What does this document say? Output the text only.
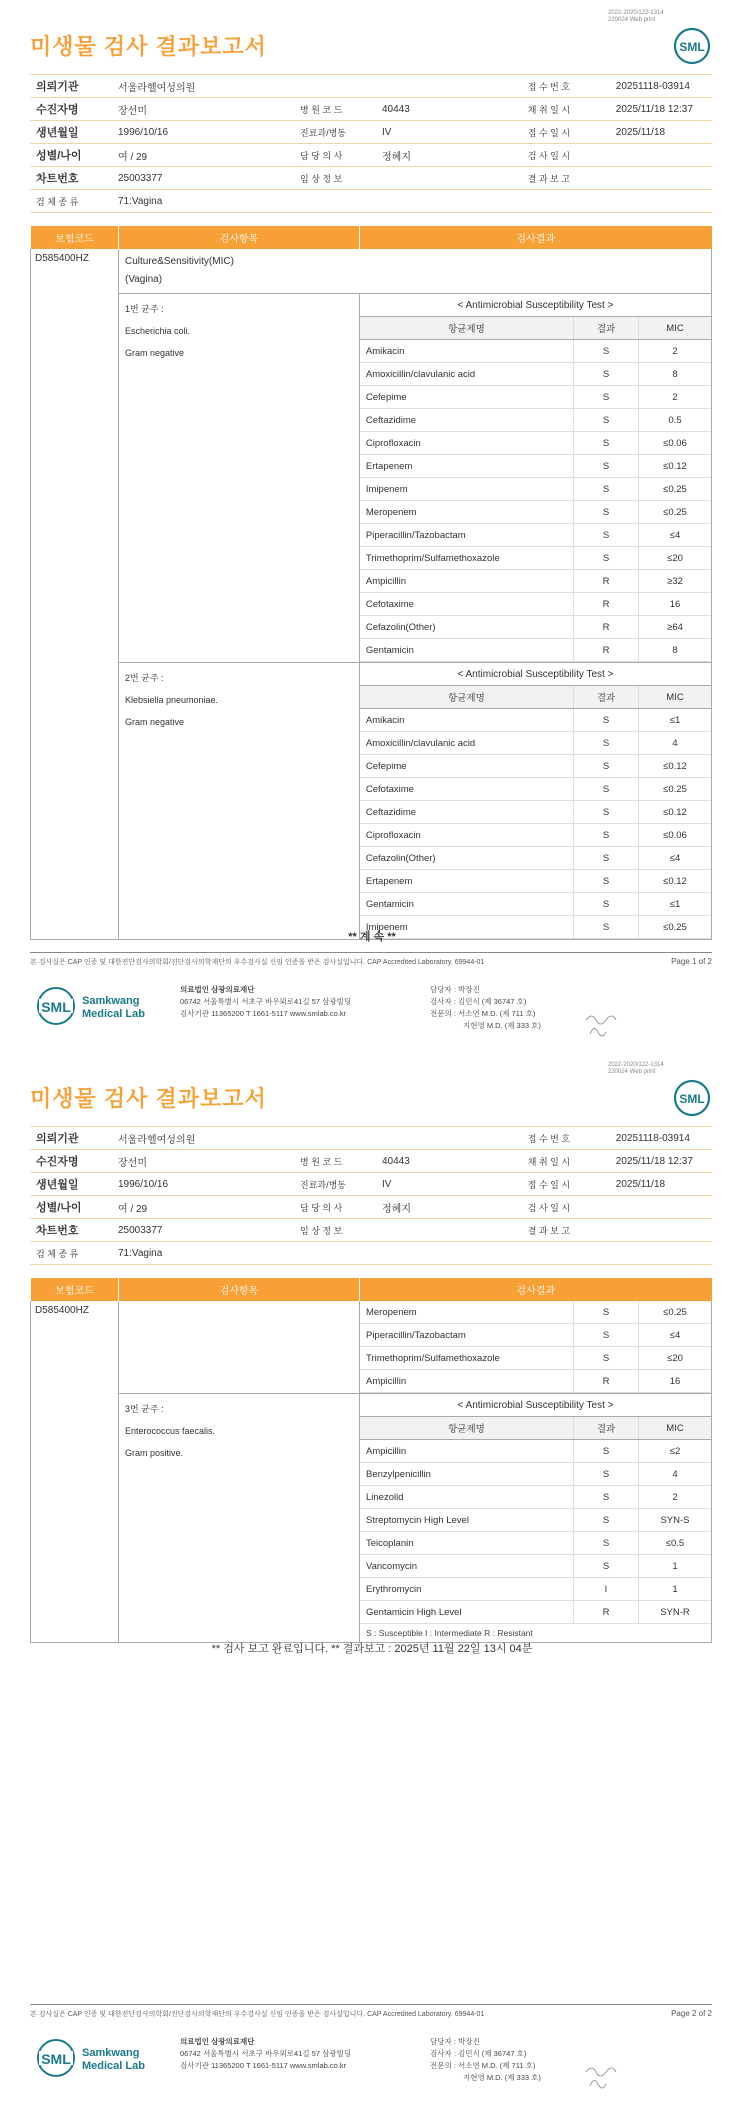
2022-2020/122-1314
220024 Web print
SML
미생물 검사 결과보고서
의뢰기관	서울라헬여성의원				접 수 번 호	20251118-03914
수진자명	장선미	병 원 코 드	40443		채 취 일 시	2025/11/18 12:37
생년월일	1996/10/16	진료과/병동	IV		접 수 일 시	2025/11/18
성별/나이	여 / 29	담 당 의 사	정혜지		검 사 일 시	
차트번호	25003377	임 상 정 보			결 과 보 고	
검 체 종 류	71:Vagina					
보험코드	검사항목	검사결과
D585400HZ	Culture&Sensitivity(MIC)
(Vagina)

1번 균주 :
Escherichia coli.
Gram negative

< Antimicrobial Susceptibility Test >
항균제명	결과	MIC
Amikacin	S	2
Amoxicillin/clavulanic acid	S	8
Cefepime	S	2
Ceftazidime	S	0.5
Ciprofloxacin	S	≤0.06
Ertapenem	S	≤0.12
Imipenem	S	≤0.25
Meropenem	S	≤0.25
Piperacillin/Tazobactam	S	≤4
Trimethoprim/Sulfamethoxazole	S	≤20
Ampicillin	R	≥32
Cefotaxime	R	16
Cefazolin(Other)	R	≥64
Gentamicin	R	8

2번 균주 :
Klebsiella pneumoniae.
Gram negative

< Antimicrobial Susceptibility Test >
항균제명	결과	MIC
Amikacin	S	≤1
Amoxicillin/clavulanic acid	S	4
Cefepime	S	≤0.12
Cefotaxime	S	≤0.25
Ceftazidime	S	≤0.12
Ciprofloxacin	S	≤0.06
Cefazolin(Other)	S	≤4
Ertapenem	S	≤0.12
Gentamicin	S	≤1
Imipenem	S	≤0.25
** 계 속 **
본 검사실은 CAP 인증 및 대한진단검사의학회/진단검사의학재단의 우수검사실 신임 인증을 받은 검사실입니다. CAP Accredited Laboratory. 69944-01	Page 1 of 2
SML Samkwang
Medical Lab
의료법인 삼광의료재단
06742 서울특별시 서초구 바우뫼로41길 57 삼광빌딩
검사기관 11365200 T 1661-5117 www.smlab.co.kr
담당자 : 박장진
검사자 : 김민식 (제 36747 호)
전문의 : 서소연 M.D. (제 711 호)
지현영 M.D. (제 333 호)
2022-2020/122-1314
220024 Web print
SML
미생물 검사 결과보고서
의뢰기관	서울라헬여성의원				접 수 번 호	20251118-03914
수진자명	장선미	병 원 코 드	40443		채 취 일 시	2025/11/18 12:37
생년월일	1996/10/16	진료과/병동	IV		접 수 일 시	2025/11/18
성별/나이	여 / 29	담 당 의 사	정혜지		검 사 일 시	
차트번호	25003377	임 상 정 보			결 과 보 고	
검 체 종 류	71:Vagina					
보험코드	검사항목	검사결과
D585400HZ			Meropenem	S	≤0.25
Piperacillin/Tazobactam	S	≤4
Trimethoprim/Sulfamethoxazole	S	≤20
Ampicillin	R	16

3번 균주 :
Enterococcus faecalis.
Gram positive.

< Antimicrobial Susceptibility Test >
항균제명	결과	MIC
Ampicillin	S	≤2
Benzylpenicillin	S	4
Linezolid	S	2
Streptomycin High Level	S	SYN-S
Teicoplanin	S	≤0.5
Vancomycin	S	1
Erythromycin	I	1
Gentamicin High Level	R	SYN-R
S : Susceptible I : Intermediate R : Resistant
** 검사 보고 완료입니다. ** 결과보고 : 2025년 11월 22일 13시 04분
본 검사실은 CAP 인증 및 대한진단검사의학회/진단검사의학재단의 우수검사실 신임 인증을 받은 검사실입니다. CAP Accredited Laboratory. 69944-01	Page 2 of 2
SML Samkwang
Medical Lab
의료법인 삼광의료재단
06742 서울특별시 서초구 바우뫼로41길 57 삼광빌딩
검사기관 11365200 T 1661-5117 www.smlab.co.kr
담당자 : 박장진
검사자 : 김민식 (제 36747 호)
전문의 : 서소연 M.D. (제 711 호)
지현영 M.D. (제 333 호)
